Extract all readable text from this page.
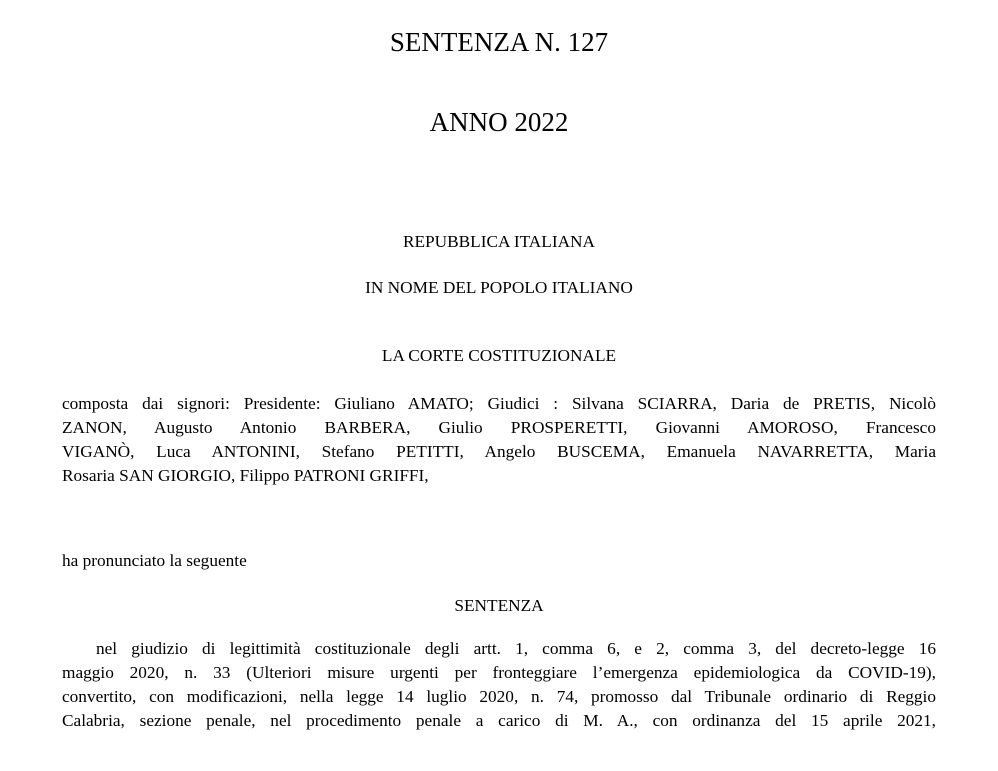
SENTENZA N. 127
ANNO 2022
REPUBBLICA ITALIANA
IN NOME DEL POPOLO ITALIANO
LA CORTE COSTITUZIONALE
composta dai signori: Presidente: Giuliano AMATO; Giudici : Silvana SCIARRA, Daria de PRETIS, Nicolò
ZANON, Augusto Antonio BARBERA, Giulio PROSPERETTI, Giovanni AMOROSO, Francesco
VIGANÒ, Luca ANTONINI, Stefano PETITTI, Angelo BUSCEMA, Emanuela NAVARRETTA, Maria
Rosaria SAN GIORGIO, Filippo PATRONI GRIFFI,
ha pronunciato la seguente
SENTENZA
nel giudizio di legittimità costituzionale degli artt. 1, comma 6, e 2, comma 3, del decreto-legge 16
maggio 2020, n. 33 (Ulteriori misure urgenti per fronteggiare l’emergenza epidemiologica da COVID-19),
convertito, con modificazioni, nella legge 14 luglio 2020, n. 74, promosso dal Tribunale ordinario di Reggio
Calabria, sezione penale, nel procedimento penale a carico di M. A., con ordinanza del 15 aprile 2021,
